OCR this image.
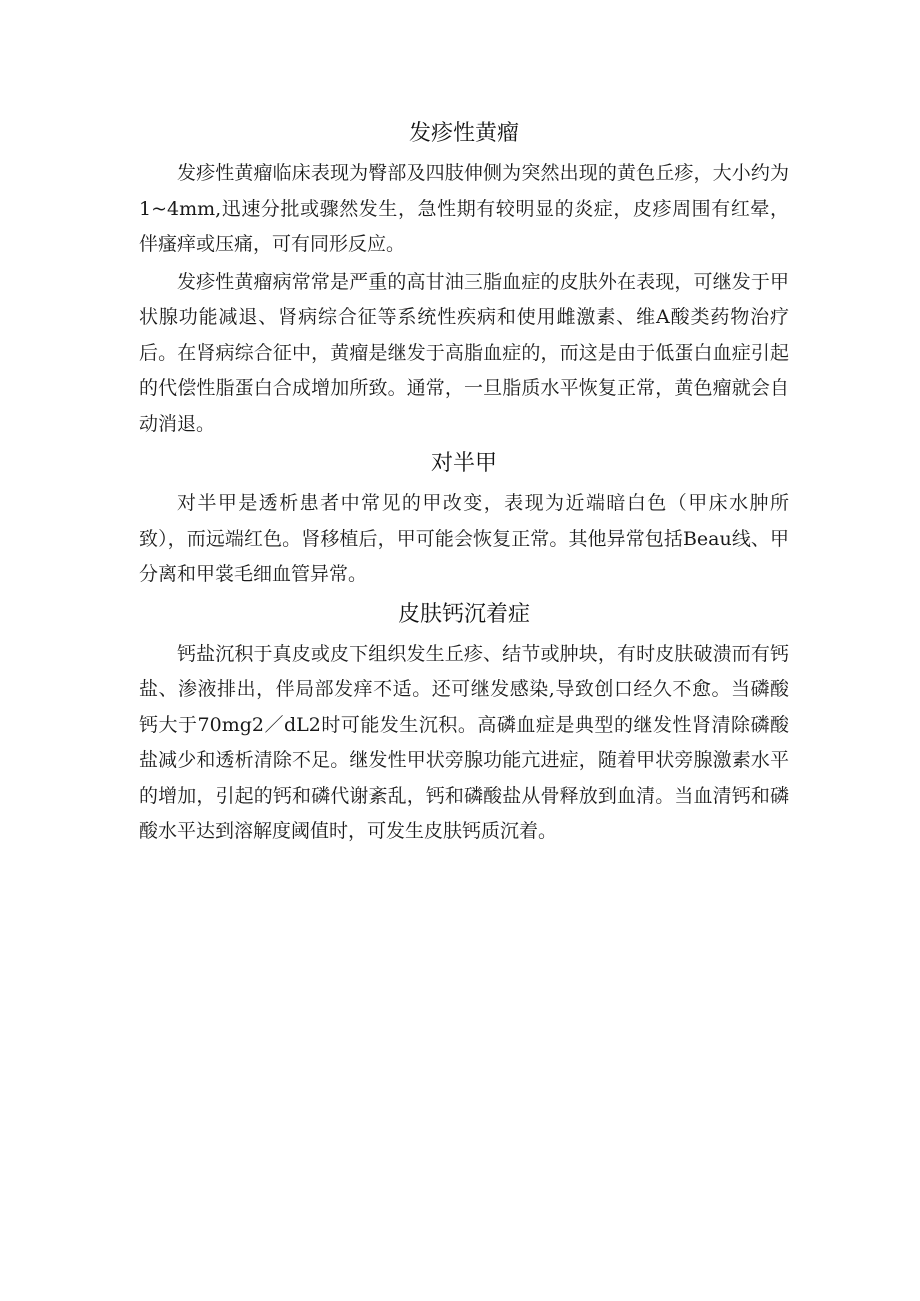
发疹性黄瘤

发疹性黄瘤临床表现为臀部及四肢伸侧为突然出现的黄色丘疹，大小约为1~4mm,迅速分批或骤然发生，急性期有较明显的炎症，皮疹周围有红晕，伴瘙痒或压痛，可有同形反应。

发疹性黄瘤病常常是严重的高甘油三脂血症的皮肤外在表现，可继发于甲状腺功能减退、肾病综合征等系统性疾病和使用雌激素、维A酸类药物治疗后。在肾病综合征中，黄瘤是继发于高脂血症的，而这是由于低蛋白血症引起的代偿性脂蛋白合成增加所致。通常，一旦脂质水平恢复正常，黄色瘤就会自动消退。

对半甲

对半甲是透析患者中常见的甲改变，表现为近端暗白色（甲床水肿所致），而远端红色。肾移植后，甲可能会恢复正常。其他异常包括Beau线、甲分离和甲裳毛细血管异常。

皮肤钙沉着症

钙盐沉积于真皮或皮下组织发生丘疹、结节或肿块，有时皮肤破溃而有钙盐、渗液排出，伴局部发痒不适。还可继发感染,导致创口经久不愈。当磷酸钙大于70mg2／dL2时可能发生沉积。高磷血症是典型的继发性肾清除磷酸盐减少和透析清除不足。继发性甲状旁腺功能亢进症，随着甲状旁腺激素水平的增加，引起的钙和磷代谢紊乱，钙和磷酸盐从骨释放到血清。当血清钙和磷酸水平达到溶解度阈值时，可发生皮肤钙质沉着。
